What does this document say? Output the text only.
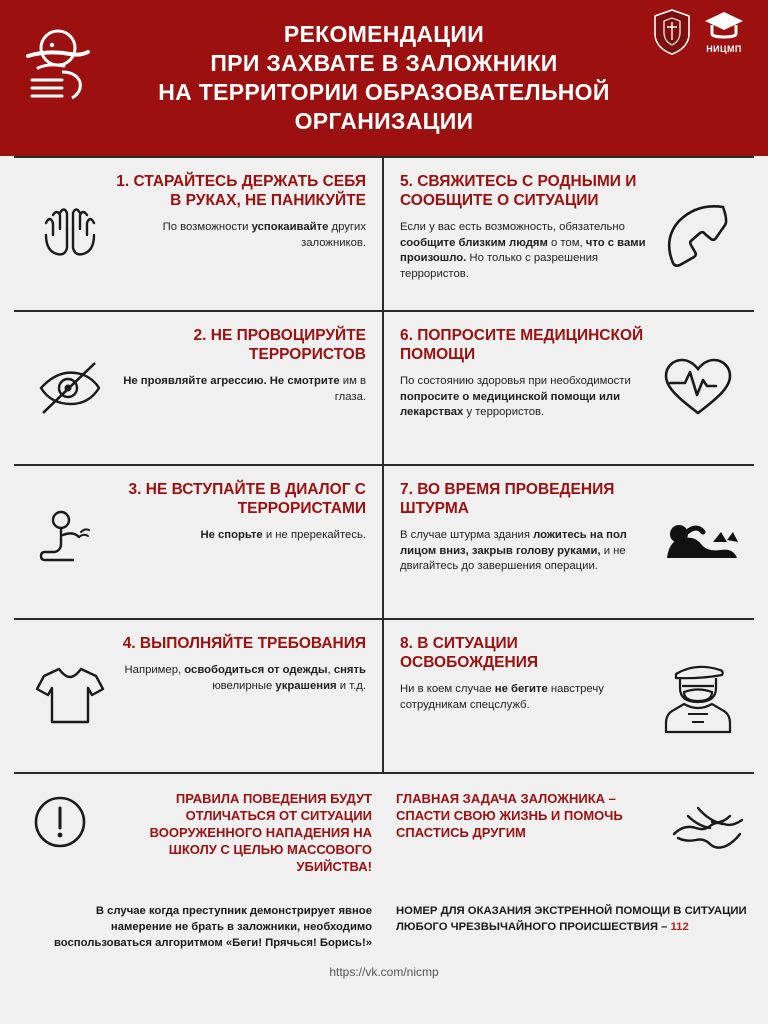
РЕКОМЕНДАЦИИ
ПРИ ЗАХВАТЕ В ЗАЛОЖНИКИ
НА ТЕРРИТОРИИ ОБРАЗОВАТЕЛЬНОЙ
ОРГАНИЗАЦИИ
НИЦМП
1. СТАРАЙТЕСЬ ДЕРЖАТЬ СЕБЯ В РУКАХ, НЕ ПАНИКУЙТЕ
По возможности успокаивайте других заложников.
5. СВЯЖИТЕСЬ С РОДНЫМИ И СООБЩИТЕ О СИТУАЦИИ
Если у вас есть возможность, обязательно сообщите близким людям о том, что с вами произошло. Но только с разрешения террористов.
2. НЕ ПРОВОЦИРУЙТЕ ТЕРРОРИСТОВ
Не проявляйте агрессию. Не смотрите им в глаза.
6. ПОПРОСИТЕ МЕДИЦИНСКОЙ ПОМОЩИ
По состоянию здоровья при необходимости попросите о медицинской помощи или лекарствах у террористов.
3. НЕ ВСТУПАЙТЕ В ДИАЛОГ С ТЕРРОРИСТАМИ
Не спорьте и не пререкайтесь.
7. ВО ВРЕМЯ ПРОВЕДЕНИЯ ШТУРМА
В случае штурма здания ложитесь на пол лицом вниз, закрыв голову руками, и не двигайтесь до завершения операции.
4. ВЫПОЛНЯЙТЕ ТРЕБОВАНИЯ
Например, освободиться от одежды, снять ювелирные украшения и т.д.
8. В СИТУАЦИИ ОСВОБОЖДЕНИЯ
Ни в коем случае не бегите навстречу сотрудникам спецслужб.
ПРАВИЛА ПОВЕДЕНИЯ БУДУТ ОТЛИЧАТЬСЯ ОТ СИТУАЦИИ ВООРУЖЕННОГО НАПАДЕНИЯ НА ШКОЛУ С ЦЕЛЬЮ МАССОВОГО УБИЙСТВА!
ГЛАВНАЯ ЗАДАЧА ЗАЛОЖНИКА – СПАСТИ СВОЮ ЖИЗНЬ И ПОМОЧЬ СПАСТИСЬ ДРУГИМ
В случае когда преступник демонстрирует явное намерение не брать в заложники, необходимо воспользоваться алгоритмом «Беги! Прячься! Борись!»
НОМЕР ДЛЯ ОКАЗАНИЯ ЭКСТРЕННОЙ ПОМОЩИ В СИТУАЦИИ ЛЮБОГО ЧРЕЗВЫЧАЙНОГО ПРОИСШЕСТВИЯ – 112
https://vk.com/nicmp
